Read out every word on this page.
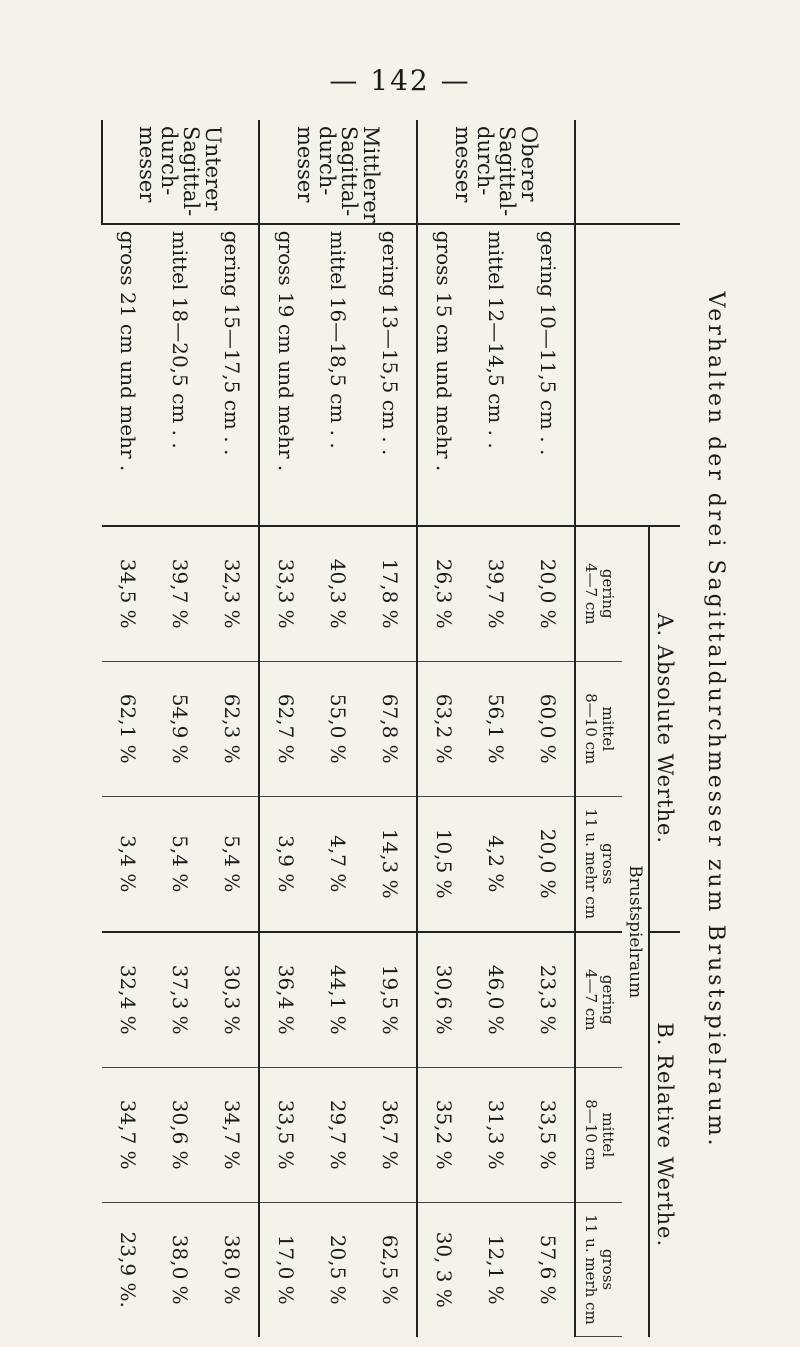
— 142 —
Verhalten der drei Sagittaldurchmesser zum Brustspielraum.
		A. Absolute Werthe.			B. Relative Werthe.		
		Brustspielraum					

		gering
4—7 cm	mittel
8—10 cm	gross
11 u. mehr cm	gering
4—7 cm	mittel
8—10 cm	gross
11 u. merh cm

Oberer Sagittal-durch-messer	gering 10—11,5 cm . .	20,0 %	60,0 %	20,0 %	23,3 %	33,5 %	57,6 %
	mittel 12—14,5 cm . .	39,7 %	56,1 %	4,2 %	46,0 %	31,3 %	12,1 %
	gross 15 cm und mehr .	26,3 %	63,2 %	10,5 %	30,6 %	35,2 %	30, 3 %
Mittlerer Sagittal-durch-messer	gering 13—15,5 cm . .	17,8 %	67,8 %	14,3 %	19,5 %	36,7 %	62,5 %
	mittel 16—18,5 cm . .	40,3 %	55,0 %	4,7 %	44,1 %	29,7 %	20,5 %
	gross 19 cm und mehr .	33,3 %	62,7 %	3,9 %	36,4 %	33,5 %	17,0 %
Unterer Sagittal-durch-messer	gering 15—17,5 cm . .	32,3 %	62,3 %	5,4 %	30,3 %	34,7 %	38,0 %
	mittel 18—20,5 cm . .	39,7 %	54,9 %	5,4 %	37,3 %	30,6 %	38,0 %
	gross 21 cm und mehr .	34,5 %	62,1 %	3,4 %	32,4 %	34,7 %	23,9 %.
